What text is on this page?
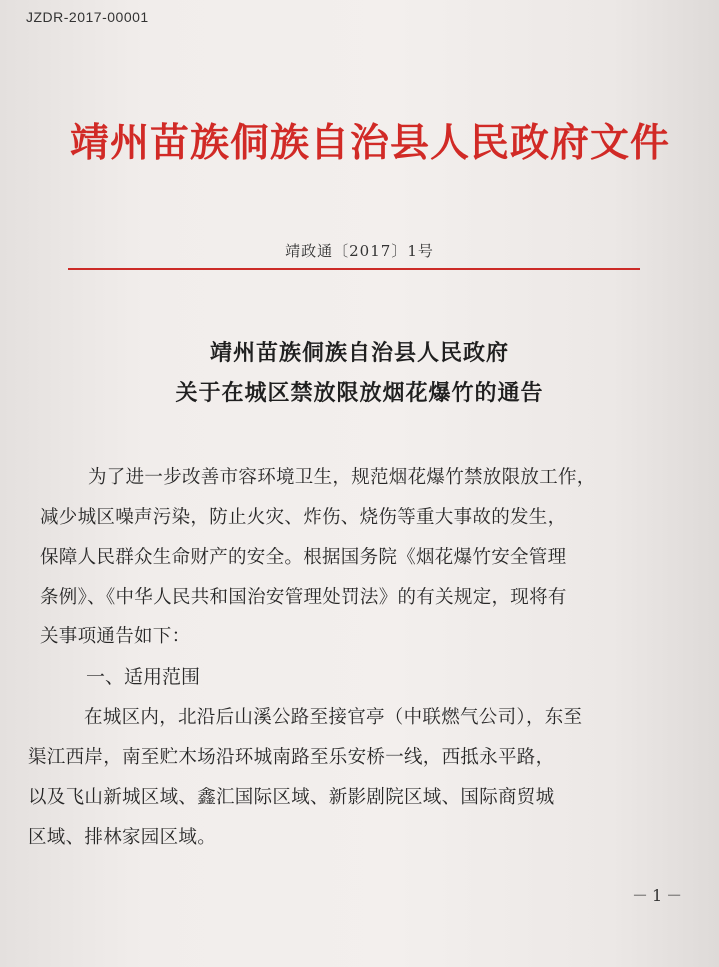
JZDR-2017-00001
靖州苗族侗族自治县人民政府文件
靖政通〔2017〕1号
靖州苗族侗族自治县人民政府
关于在城区禁放限放烟花爆竹的通告
为了进一步改善市容环境卫生，规范烟花爆竹禁放限放工作，
减少城区噪声污染，防止火灾、炸伤、烧伤等重大事故的发生，
保障人民群众生命财产的安全。根据国务院《烟花爆竹安全管理
条例》、《中华人民共和国治安管理处罚法》的有关规定，现将有
关事项通告如下：
一、适用范围
在城区内，北沿后山溪公路至接官亭（中联燃气公司），东至
渠江西岸，南至贮木场沿环城南路至乐安桥一线，西抵永平路，
以及飞山新城区域、鑫汇国际区域、新影剧院区域、国际商贸城
区域、排林家园区域。
－1－
